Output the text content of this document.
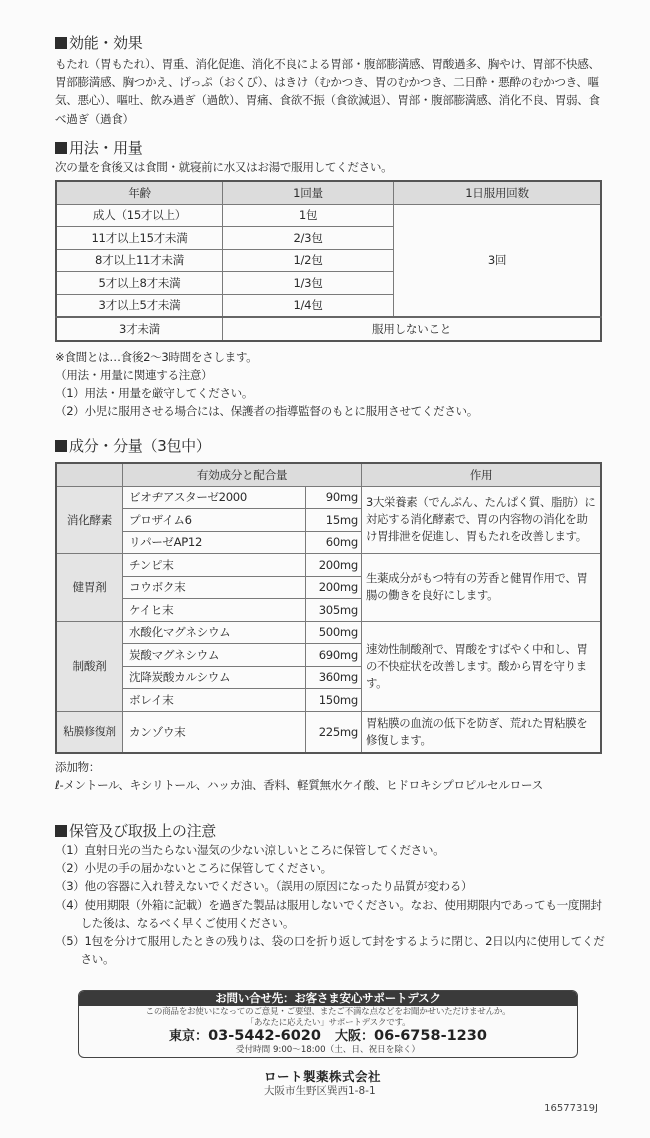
効能・効果

もたれ（胃もたれ）、胃重、消化促進、消化不良による胃部・腹部膨満感、胃酸過多、胸やけ、胃部不快感、胃部膨満感、胸つかえ、げっぷ（おくび）、はきけ（むかつき、胃のむかつき、二日酔・悪酔のむかつき、嘔気、悪心）、嘔吐、飲み過ぎ（過飲）、胃痛、食欲不振（食欲減退）、胃部・腹部膨満感、消化不良、胃弱、食べ過ぎ（過食）

用法・用量

次の量を食後又は食間・就寝前に水又はお湯で服用してください。

年齢	1回量	1日服用回数
成人（15才以上）	1包	3回
11才以上15才未満	2/3包	
8才以上11才未満	1/2包	
5才以上8才未満	1/3包	
3才以上5才未満	1/4包	
3才未満	服用しないこと	

※食間とは…食後2〜3時間をさします。

（用法・用量に関連する注意）

（1）用法・用量を厳守してください。

（2）小児に服用させる場合には、保護者の指導監督のもとに服用させてください。

成分・分量（3包中）
	有効成分と配合量		作用
消化酵素	ビオヂアスターゼ2000	90mg	3大栄養素（でんぷん、たんぱく質、脂肪）に対応する消化酵素で、胃の内容物の消化を助け胃排泄を促進し、胃もたれを改善します。
	プロザイム6	15mg	
	リパーゼAP12	60mg	
健胃剤	チンピ末	200mg	生薬成分がもつ特有の芳香と健胃作用で、胃腸の働きを良好にします。
	コウボク末	200mg	
	ケイヒ末	305mg	
制酸剤	水酸化マグネシウム	500mg	速効性制酸剤で、胃酸をすばやく中和し、胃の不快症状を改善します。酸から胃を守ります。
	炭酸マグネシウム	690mg	
	沈降炭酸カルシウム	360mg	
	ボレイ末	150mg	
粘膜修復剤	カンゾウ末	225mg	胃粘膜の血流の低下を防ぎ、荒れた胃粘膜を修復します。

添加物：

ℓ-メントール、キシリトール、ハッカ油、香料、軽質無水ケイ酸、ヒドロキシプロピルセルロース

保管及び取扱上の注意

（1）直射日光の当たらない湿気の少ない涼しいところに保管してください。

（2）小児の手の届かないところに保管してください。

（3）他の容器に入れ替えないでください。（誤用の原因になったり品質が変わる）

（4）使用期限（外箱に記載）を過ぎた製品は服用しないでください。なお、使用期限内であっても一度開封した後は、なるべく早くご使用ください。

（5）1包を分けて服用したときの残りは、袋の口を折り返して封をするように閉じ、2日以内に使用してください。

お問い合せ先：お客さま安心サポートデスク
この商品をお使いになってのご意見・ご要望、またご不満な点などをお聞かせいただけませんか。
「あなたに応えたい」サポートデスクです。
東京：03-5442-6020 大阪：06-6758-1230
受付時間 9:00〜18:00（土、日、祝日を除く）
ロート製薬株式会社
大阪市生野区巽西1-8-1
16577319J
